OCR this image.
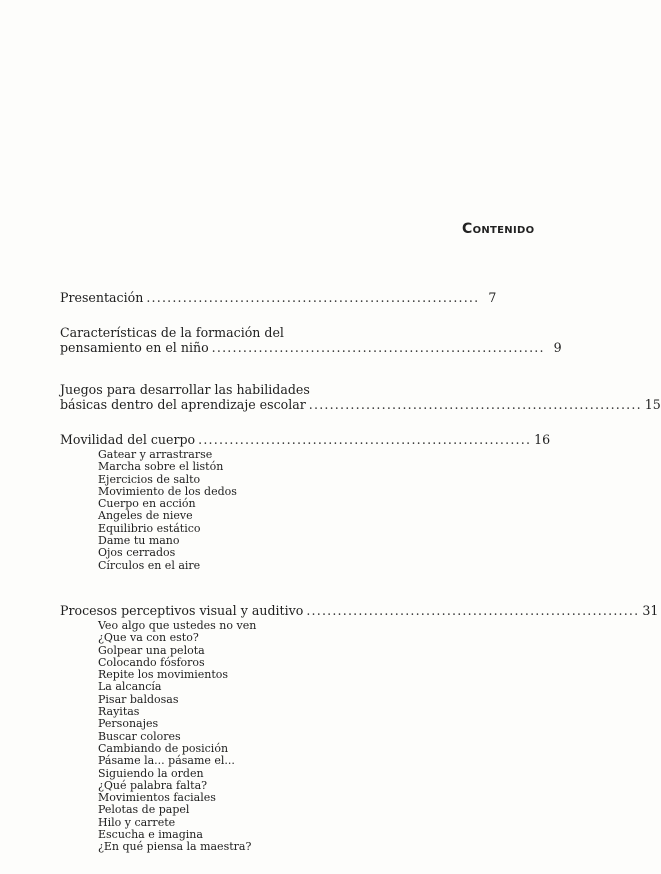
Contenido
Presentación ................................................................ 7
Características de la formación del
pensamiento en el niño ................................................................ 9
Juegos para desarrollar las habilidades
básicas dentro del aprendizaje escolar ................................................................ 15
Movilidad del cuerpo ................................................................ 16
Gatear y arrastrarse
Marcha sobre el listón
Ejercicios de salto
Movimiento de los dedos
Cuerpo en acción
Angeles de nieve
Equilibrio estático
Dame tu mano
Ojos cerrados
Círculos en el aire
Procesos perceptivos visual y auditivo ................................................................ 31
Veo algo que ustedes no ven
¿Que va con esto?
Golpear una pelota
Colocando fósforos
Repite los movimientos
La alcancía
Pisar baldosas
Rayitas
Personajes
Buscar colores
Cambiando de posición
Pásame la... pásame el...
Siguiendo la orden
¿Qué palabra falta?
Movimientos faciales
Pelotas de papel
Hilo y carrete
Escucha e imagina
¿En qué piensa la maestra?
